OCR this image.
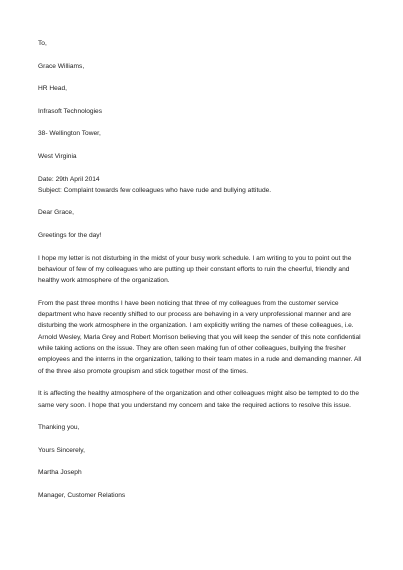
To,
Grace Williams,
HR Head,
Infrasoft Technologies
38- Wellington Tower,
West Virginia
Date: 29th April 2014
Subject: Complaint towards few colleagues who have rude and bullying attitude.
Dear Grace,
Greetings for the day!
I hope my letter is not disturbing in the midst of your busy work schedule. I am writing to you to point out the behaviour of few of my colleagues who are putting up their constant efforts to ruin the cheerful, friendly and healthy work atmosphere of the organization.
From the past three months I have been noticing that three of my colleagues from the customer service department who have recently shifted to our process are behaving in a very unprofessional manner and are disturbing the work atmosphere in the organization. I am explicitly writing the names of these colleagues, i.e. Arnold Wesley, Marla Grey and Robert Morrison believing that you will keep the sender of this note confidential while taking actions on the issue. They are often seen making fun of other colleagues, bullying the fresher employees and the interns in the organization, talking to their team mates in a rude and demanding manner. All of the three also promote groupism and stick together most of the times.
It is affecting the healthy atmosphere of the organization and other colleagues might also be tempted to do the same very soon. I hope that you understand my concern and take the required actions to resolve this issue.
Thanking you,
Yours Sincerely,
Martha Joseph
Manager, Customer Relations
